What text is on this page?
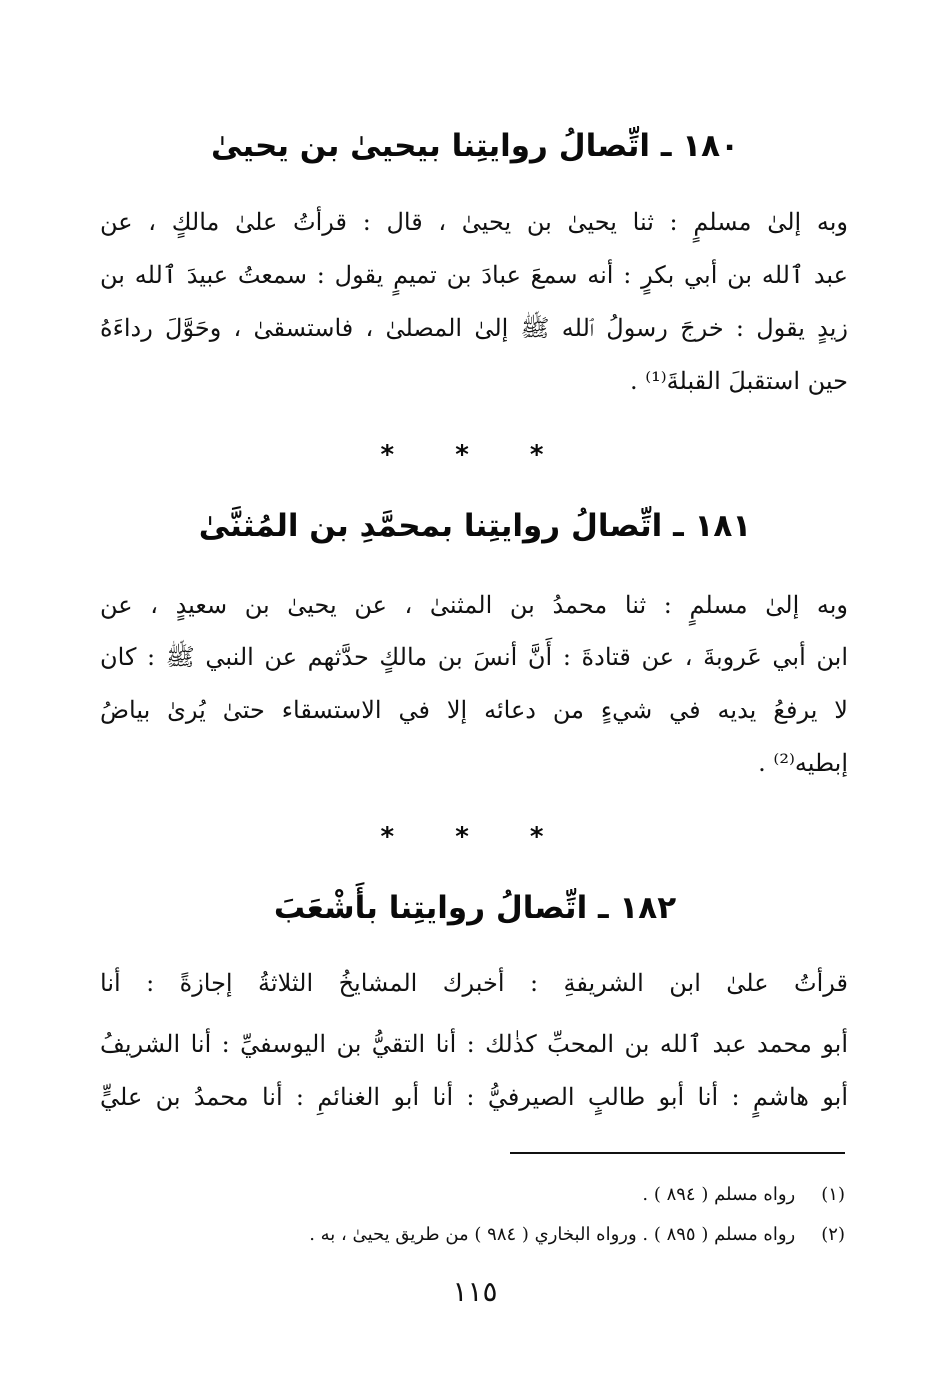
١٨٠ ـ اتِّصالُ روايتِنا بيحيىٰ بن يحيىٰ
وبه إلىٰ مسلمٍ : ثنا يحيىٰ بن يحيىٰ ، قال : قرأتُ علىٰ مالكٍ ، عن
عبد ٱلله بن أبي بكرٍ : أنه سمعَ عبادَ بن تميمٍ يقول : سمعتُ عبيدَ ٱلله بن
زيدٍ يقول : خرجَ رسولُ ٱلله ﷺ إلىٰ المصلىٰ ، فاستسقىٰ ، وحَوَّلَ رداءَهُ
حين استقبلَ القبلةَ⁽¹⁾ .
* * *
١٨١ ـ اتِّصالُ روايتِنا بمحمَّدِ بن المُثنَّىٰ
وبه إلىٰ مسلمٍ : ثنا محمدُ بن المثنىٰ ، عن يحيىٰ بن سعيدٍ ، عن
ابن أبي عَروبةَ ، عن قتادةَ : أَنَّ أنسَ بن مالكٍ حدَّثهم عن النبي ﷺ : كان
لا يرفعُ يديه في شيءٍ من دعائه إلا في الاستسقاء حتىٰ يُرىٰ بياضُ
إبطيه⁽²⁾ .
* * *
١٨٢ ـ اتِّصالُ روايتِنا بأَشْعَبَ
قرأتُ علىٰ ابن الشريفةِ : أخبرك المشايخُ الثلاثةُ إجازةً : أنا
أبو محمد عبد ٱلله بن المحبِّ كذٰلك : أنا التقيُّ بن اليوسفيِّ : أنا الشريفُ
أبو هاشمٍ : أنا أبو طالبٍ الصيرفيُّ : أنا أبو الغنائمِ : أنا محمدُ بن عليٍّ
(١) رواه مسلم ( ٨٩٤ ) .
(٢) رواه مسلم ( ٨٩٥ ) . ورواه البخاري ( ٩٨٤ ) من طريق يحيىٰ ، به .
١١٥
